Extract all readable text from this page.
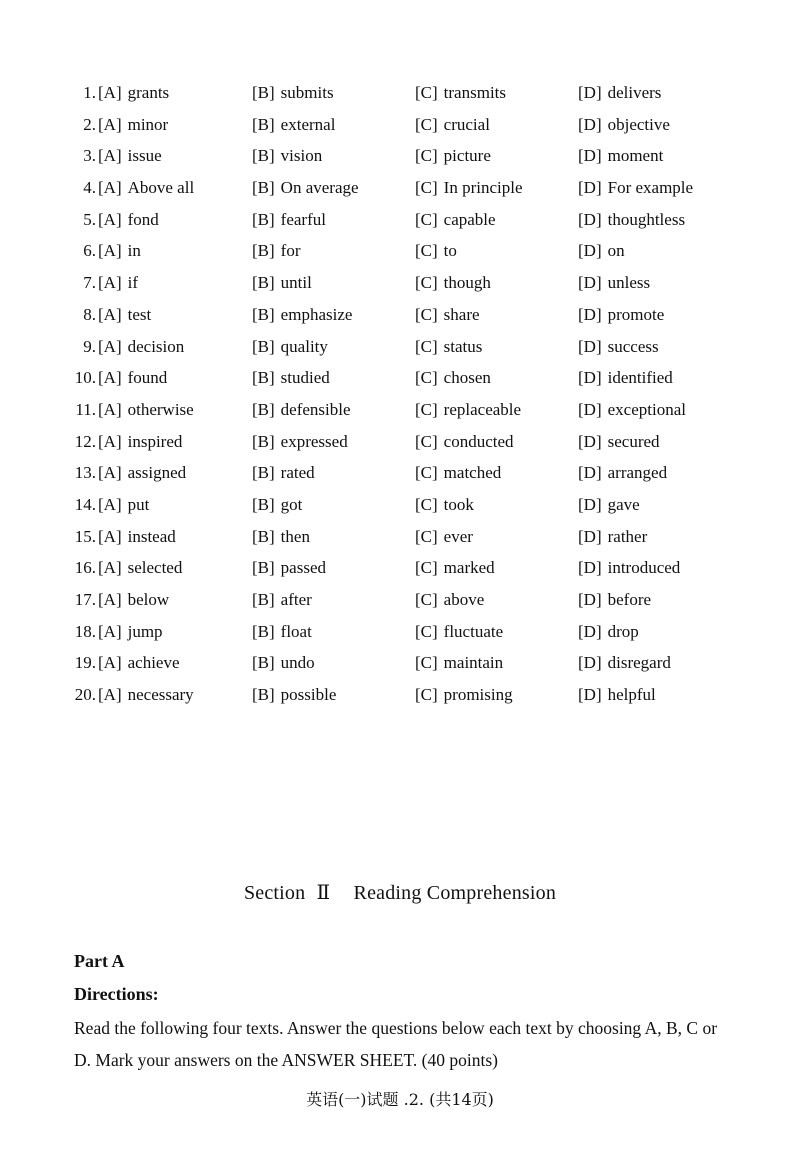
1. [A] grants	[B] submits	[C] transmits	[D] delivers
2. [A] minor	[B] external	[C] crucial	[D] objective
3. [A] issue	[B] vision	[C] picture	[D] moment
4. [A] Above all	[B] On average	[C] In principle	[D] For example
5. [A] fond	[B] fearful	[C] capable	[D] thoughtless
6. [A] in	[B] for	[C] to	[D] on
7. [A] if	[B] until	[C] though	[D] unless
8. [A] test	[B] emphasize	[C] share	[D] promote
9. [A] decision	[B] quality	[C] status	[D] success
10. [A] found	[B] studied	[C] chosen	[D] identified
11. [A] otherwise	[B] defensible	[C] replaceable	[D] exceptional
12. [A] inspired	[B] expressed	[C] conducted	[D] secured
13. [A] assigned	[B] rated	[C] matched	[D] arranged
14. [A] put	[B] got	[C] took	[D] gave
15. [A] instead	[B] then	[C] ever	[D] rather
16. [A] selected	[B] passed	[C] marked	[D] introduced
17. [A] below	[B] after	[C] above	[D] before
18. [A] jump	[B] float	[C] fluctuate	[D] drop
19. [A] achieve	[B] undo	[C] maintain	[D] disregard
20. [A] necessary	[B] possible	[C] promising	[D] helpful
Section Ⅱ Reading Comprehension
Part A
Directions:
Read the following four texts. Answer the questions below each text by choosing A, B, C or D. Mark your answers on the ANSWER SHEET. (40 points)
英语(一)试题 .2. (共14页)
